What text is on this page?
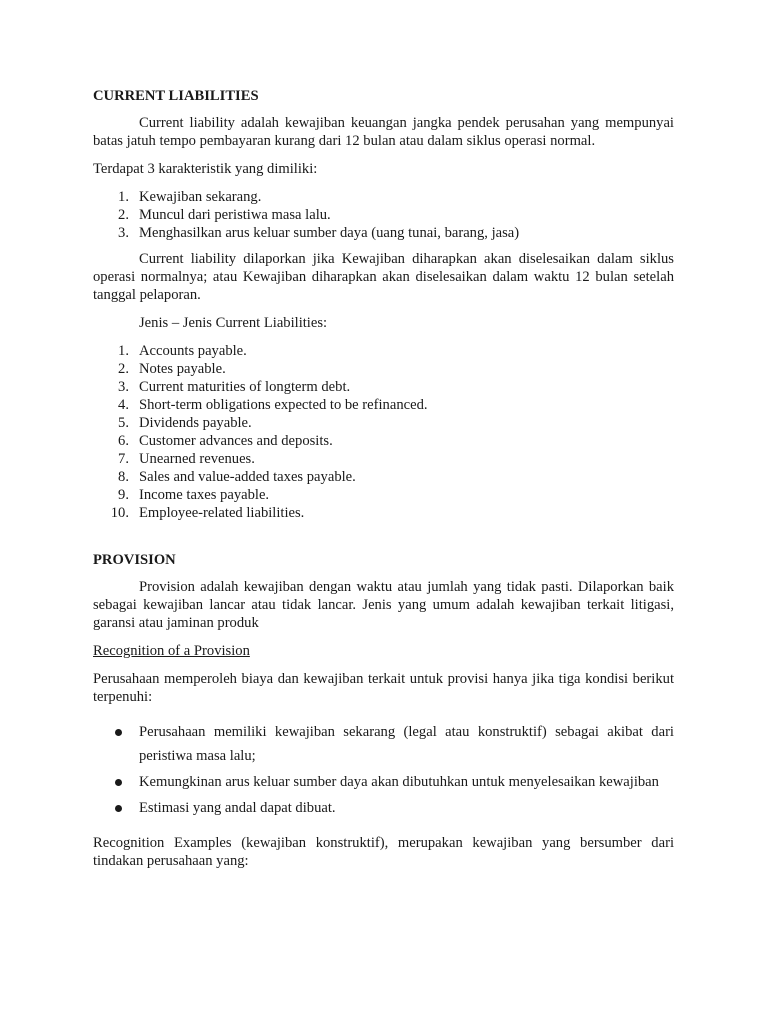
CURRENT LIABILITIES

Current liability adalah kewajiban keuangan jangka pendek perusahan yang mempunyai batas jatuh tempo pembayaran kurang dari 12 bulan atau dalam siklus operasi normal.

Terdapat 3 karakteristik yang dimiliki:

1. Kewajiban sekarang.
2. Muncul dari peristiwa masa lalu.
3. Menghasilkan arus keluar sumber daya (uang tunai, barang, jasa)

Current liability dilaporkan jika Kewajiban diharapkan akan diselesaikan dalam siklus operasi normalnya; atau Kewajiban diharapkan akan diselesaikan dalam waktu 12 bulan setelah tanggal pelaporan.

Jenis – Jenis Current Liabilities:
1. Accounts payable.
2. Notes payable.
3. Current maturities of longterm debt.
4. Short-term obligations expected to be refinanced.
5. Dividends payable.
6. Customer advances and deposits.
7. Unearned revenues.
8. Sales and value-added taxes payable.
9. Income taxes payable.
10. Employee-related liabilities.
PROVISION

Provision adalah kewajiban dengan waktu atau jumlah yang tidak pasti. Dilaporkan baik sebagai kewajiban lancar atau tidak lancar. Jenis yang umum adalah kewajiban terkait litigasi, garansi atau jaminan produk

Recognition of a Provision

Perusahaan memperoleh biaya dan kewajiban terkait untuk provisi hanya jika tiga kondisi berikut terpenuhi:

Perusahaan memiliki kewajiban sekarang (legal atau konstruktif) sebagai akibat dari peristiwa masa lalu;
Kemungkinan arus keluar sumber daya akan dibutuhkan untuk menyelesaikan kewajiban
Estimasi yang andal dapat dibuat.

Recognition Examples (kewajiban konstruktif), merupakan kewajiban yang bersumber dari tindakan perusahaan yang:
